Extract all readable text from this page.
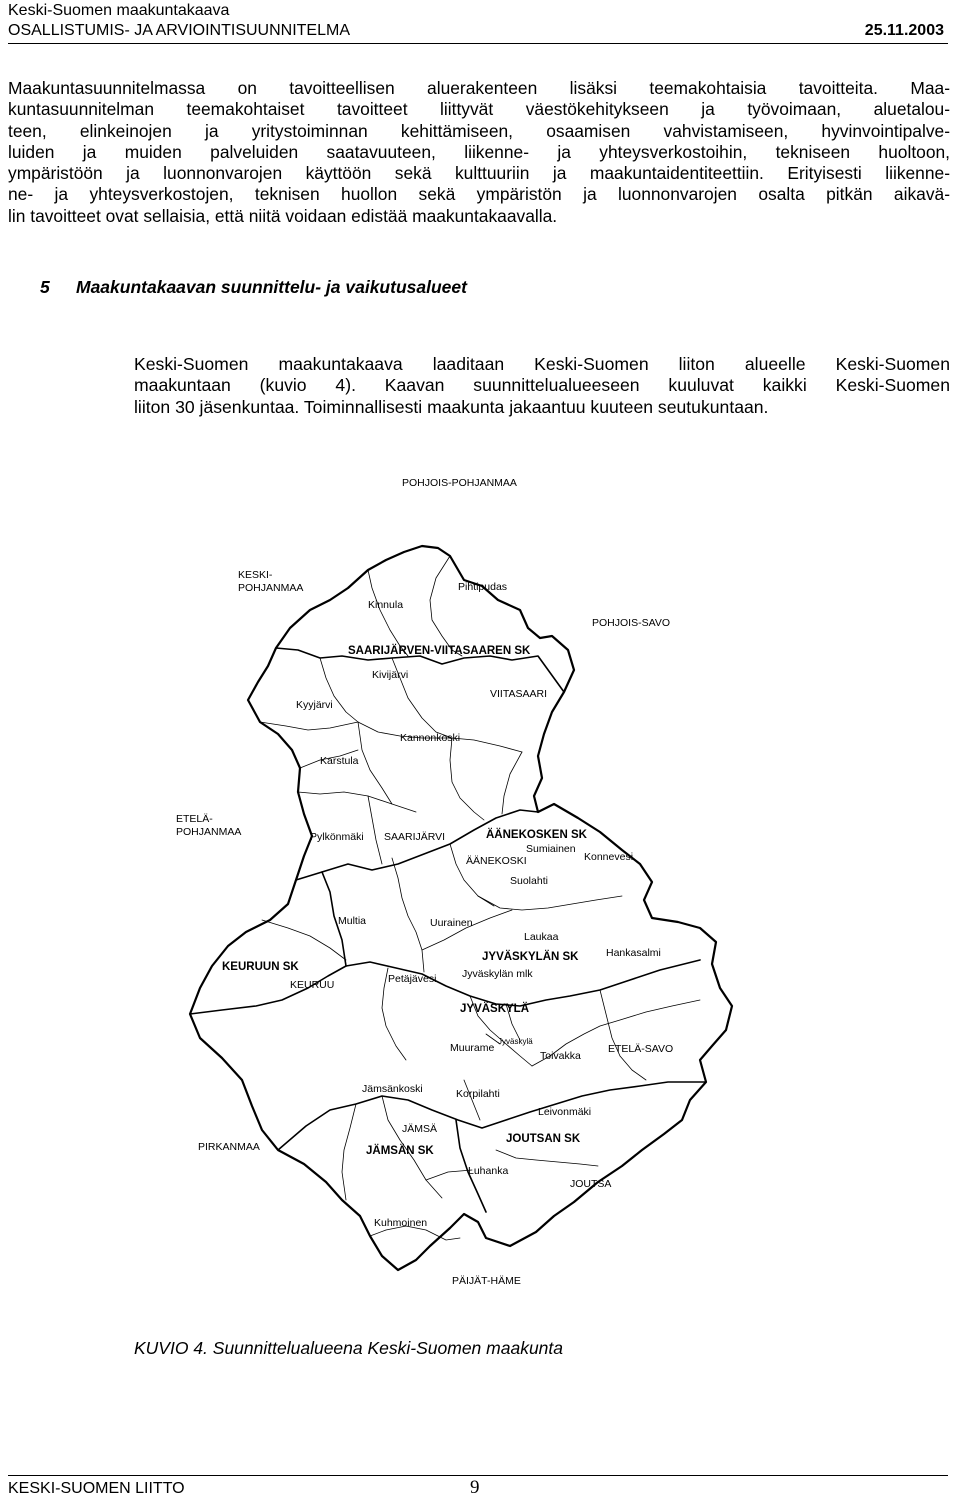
Keski-Suomen maakuntakaava
OSALLISTUMIS- JA ARVIOINTISUUNNITELMA	25.11.2003

Maakuntasuunnitelmassa on tavoitteellisen aluerakenteen lisäksi teemakohtaisia tavoitteita. Maa-
kuntasuunnitelman teemakohtaiset tavoitteet liittyvät väestökehitykseen ja työvoimaan, aluetalou-
teen, elinkeinojen ja yritystoiminnan kehittämiseen, osaamisen vahvistamiseen, hyvinvointipalve-
luiden ja muiden palveluiden saatavuuteen, liikenne- ja yhteysverkostoihin, tekniseen huoltoon,
ympäristöön ja luonnonvarojen käyttöön sekä kulttuuriin ja maakuntaidentiteettiin. Erityisesti liikenne-
ne- ja yhteysverkostojen, teknisen huollon sekä ympäristön ja luonnonvarojen osalta pitkän aikavä-
lin tavoitteet ovat sellaisia, että niitä voidaan edistää maakuntakaavalla.

5 Maakuntakaavan suunnittelu- ja vaikutusalueet

Keski-Suomen maakuntakaava laaditaan Keski-Suomen liiton alueelle Keski-Suomen
maakuntaan (kuvio 4). Kaavan suunnittelualueeseen kuuluvat kaikki Keski-Suomen
liiton 30 jäsenkuntaa. Toiminnallisesti maakunta jakaantuu kuuteen seutukuntaan.

POHJOIS-POHJANMAA
KESKI-
POHJANMAA
POHJOIS-SAVO
ETELÄ-
POHJANMAA
ETELÄ-SAVO
PIRKANMAA
PÄIJÄT-HÄME
SAARIJÄRVEN-VIITASAAREN SK
ÄÄNEKOSKEN SK
KEURUUN SK
JYVÄSKYLÄN SK
JÄMSÄN SK
JOUTSAN SK
Kinnula
Pihtipudas
Kivijärvi
VIITASAARI
Kyyjärvi
Kannonkoski
Karstula
Pylkönmäki SAARIJÄRVI
Sumiainen
ÄÄNEKOSKI	Konnevesi
Suolahti
Multia	Uurainen
Laukaa
Hankasalmi
Jyväskylän mlk
KEURUU	Petäjävesi
JYVÄSKYLÄ
Muurame
Jyväskylä
Toivakka
Jämsänkoski	Korpilahti
Leivonmäki
JÄMSÄ
Luhanka
JOUTSA
Kuhmoinen

KUVIO 4. Suunnittelualueena Keski-Suomen maakunta

KESKI-SUOMEN LIITTO	9
